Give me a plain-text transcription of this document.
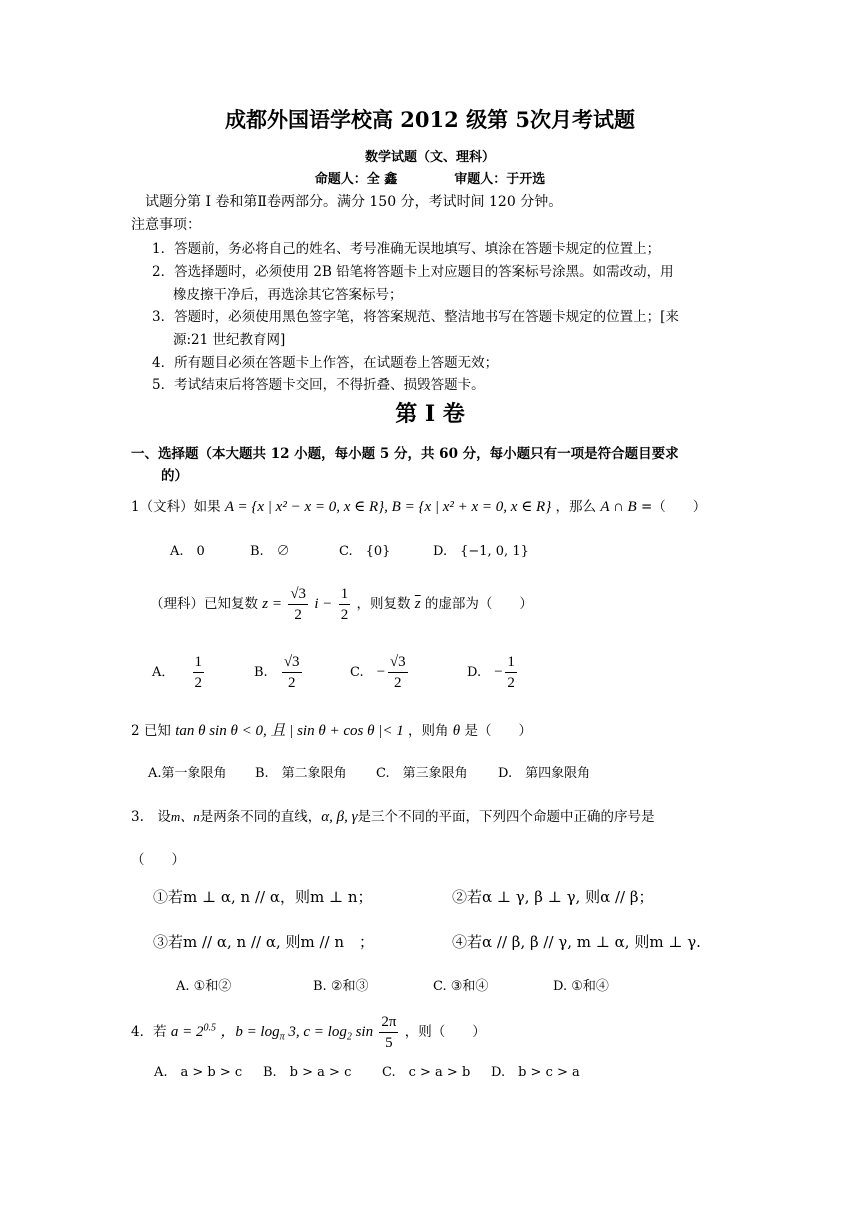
成都外国语学校高 2012 级第 5次月考试题
数学试题（文、理科）
命题人：全 鑫	审题人：于开选
试题分第 I 卷和第Ⅱ卷两部分。满分 150 分，考试时间 120 分钟。
注意事项：
1．答题前，务必将自己的姓名、考号准确无误地填写、填涂在答题卡规定的位置上；
2．答选择题时，必须使用 2B 铅笔将答题卡上对应题目的答案标号涂黑。如需改动，用
橡皮擦干净后，再选涂其它答案标号；
3．答题时，必须使用黑色签字笔，将答案规范、整洁地书写在答题卡规定的位置上；[来
源:21 世纪教育网]
4．所有题目必须在答题卡上作答，在试题卷上答题无效；
5．考试结束后将答题卡交回，不得折叠、损毁答题卡。
第 I 卷
一、选择题（本大题共 12 小题，每小题 5 分，共 60 分，每小题只有一项是符合题目要求
的）
1（文科）如果 A = {x | x² − x = 0, x ∈ R}, B = {x | x² + x = 0, x ∈ R} ，那么 A ∩ B =（　　）
A.　0	B.　∅	C.　{0}	D.　{−1, 0, 1}
（理科）已知复数 $z = \frac{√3}{2}$ $i - \frac{1}{2}$ ，则复数 $\overline{z}$ 的虚部为（　　）
A． $\frac{1}{2}$	B. $\frac{√3}{2}$	C. − $\frac{√3}{2}$	D. − $\frac{1}{2}$
2 已知 tan θ sin θ < 0, 且 | sin θ + cos θ |< 1 ，则角 θ 是（　　）
A.第一象限角 B.　第二象限角 C.　第三象限角 D.　第四象限角
3.　设m、n是两条不同的直线，α, β, γ是三个不同的平面，下列四个命题中正确的序号是
（　　）
①若m ⊥ α, n // α，则m ⊥ n；	②若α ⊥ γ, β ⊥ γ, 则α // β；
③若m // α, n // α, 则m // n　；	④若α // β, β // γ, m ⊥ α, 则m ⊥ γ.
A. ①和②	B. ②和③	C. ③和④	D. ①和④
4．若 $a = 2^{0.5}$ ，$b = \log_\pi 3$, $c = \log_2 \sin \frac{2\pi}{5}$ ，则（　　）
A.　a > b > c B.　b > a > c C.　c > a > b D.　b > c > a
